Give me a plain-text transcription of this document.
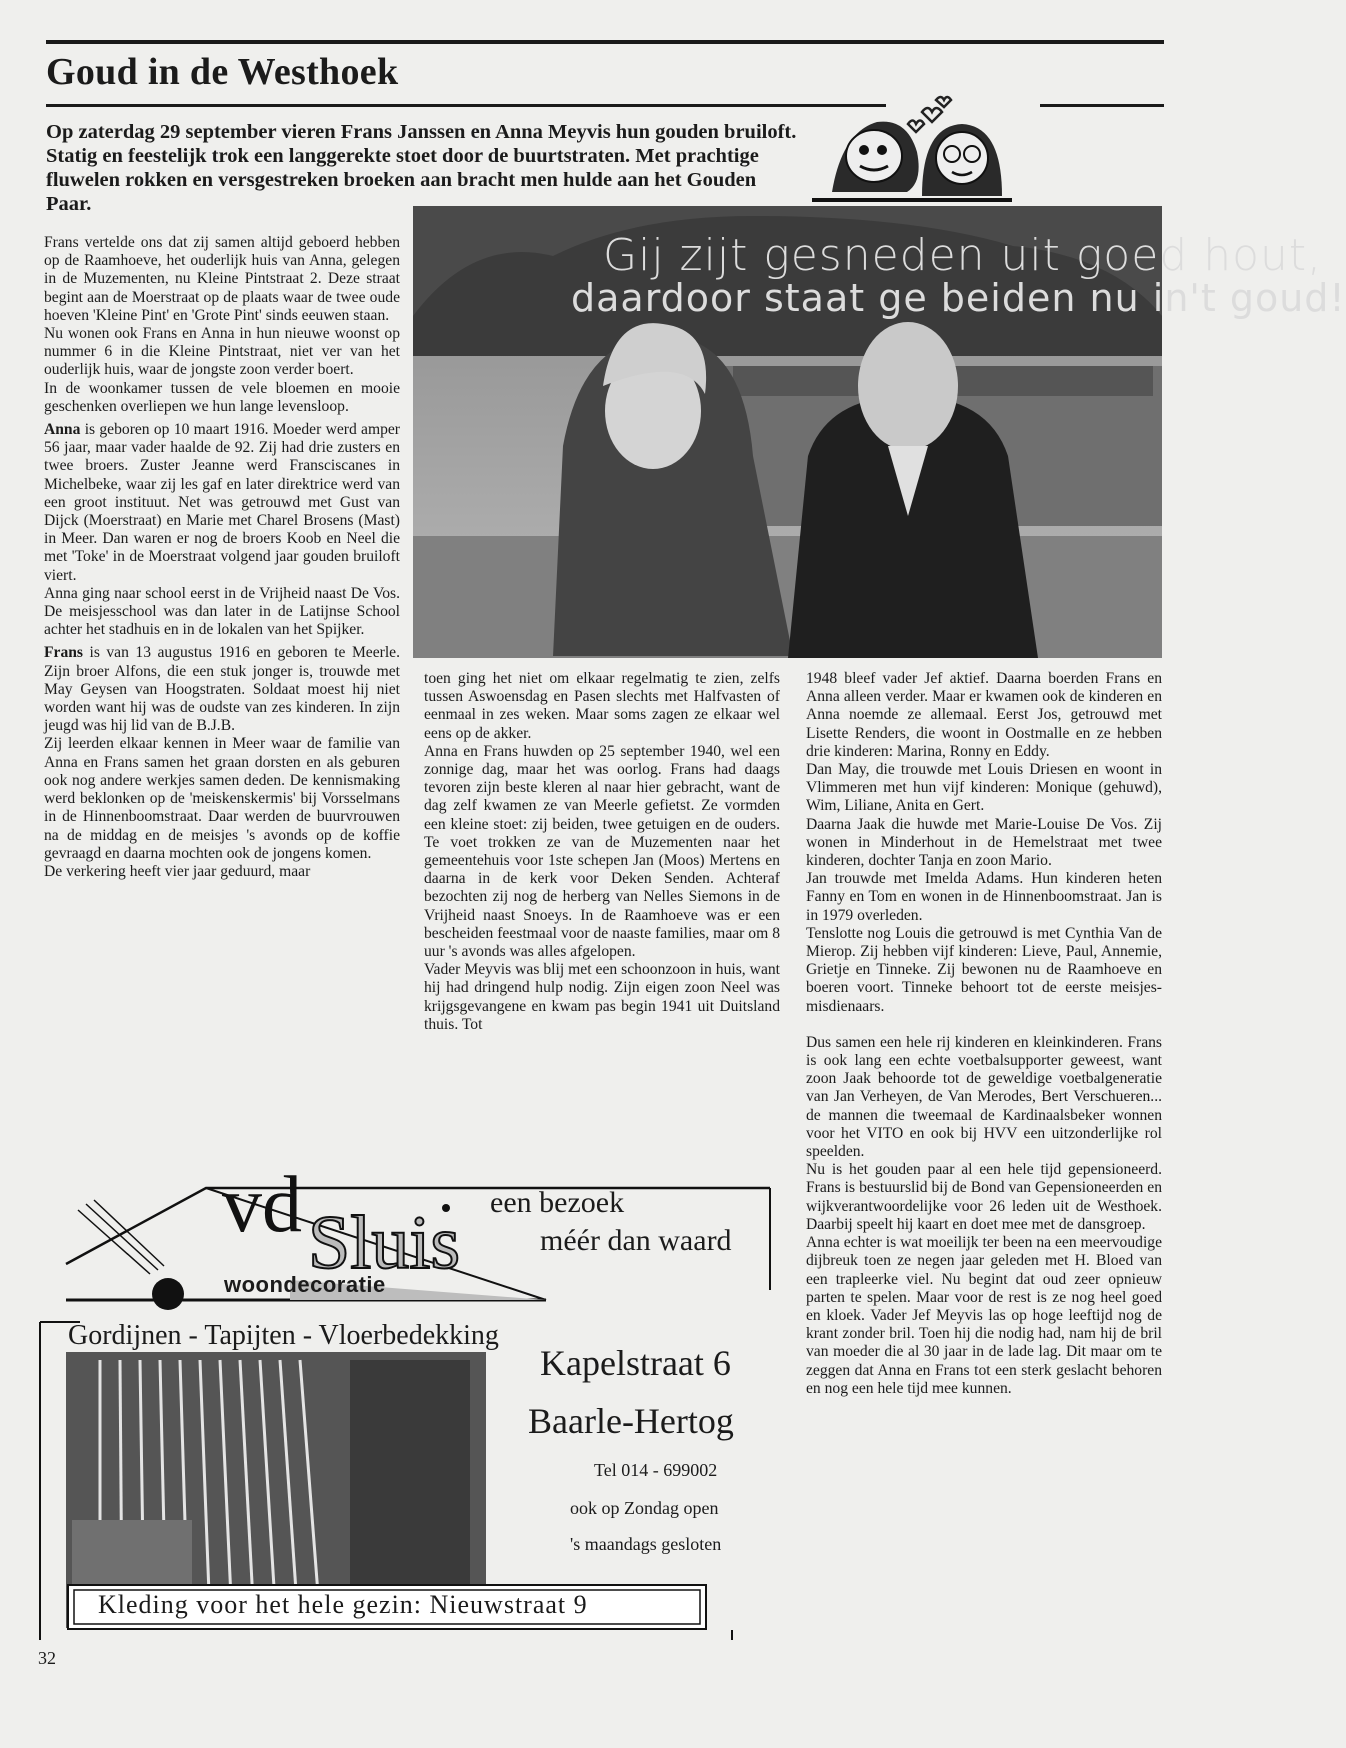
Goud in de Westhoek
Op zaterdag 29 september vieren Frans Janssen en Anna Meyvis hun gouden bruiloft. Statig en feestelijk trok een langgerekte stoet door de buurtstraten. Met prachtige fluwelen rokken en versgestreken broeken aan bracht men hulde aan het Gouden Paar.

Frans vertelde ons dat zij samen altijd geboerd hebben op de Raamhoeve, het ouderlijk huis van Anna, gelegen in de Muzementen, nu Kleine Pintstraat 2. Deze straat begint aan de Moerstraat op de plaats waar de twee oude hoeven 'Kleine Pint' en 'Grote Pint' sinds eeuwen staan.

Nu wonen ook Frans en Anna in hun nieuwe woonst op nummer 6 in die Kleine Pintstraat, niet ver van het ouderlijk huis, waar de jongste zoon verder boert.

In de woonkamer tussen de vele bloemen en mooie geschenken overliepen we hun lange levensloop.

Anna is geboren op 10 maart 1916. Moeder werd amper 56 jaar, maar vader haalde de 92. Zij had drie zusters en twee broers. Zuster Jeanne werd Fransciscanes in Michelbeke, waar zij les gaf en later direktrice werd van een groot instituut. Net was getrouwd met Gust van Dijck (Moerstraat) en Marie met Charel Brosens (Mast) in Meer. Dan waren er nog de broers Koob en Neel die met 'Toke' in de Moerstraat volgend jaar gouden bruiloft viert.

Anna ging naar school eerst in de Vrijheid naast De Vos. De meisjesschool was dan later in de Latijnse School achter het stadhuis en in de lokalen van het Spijker.

Frans is van 13 augustus 1916 en geboren te Meerle. Zijn broer Alfons, die een stuk jonger is, trouwde met May Geysen van Hoogstraten. Soldaat moest hij niet worden want hij was de oudste van zes kinderen. In zijn jeugd was hij lid van de B.J.B.

Zij leerden elkaar kennen in Meer waar de familie van Anna en Frans samen het graan dorsten en als geburen ook nog andere werkjes samen deden. De kennismaking werd beklonken op de 'meiskenskermis' bij Vorsselmans in de Hinnenboomstraat. Daar werden de buurvrouwen na de middag en de meisjes 's avonds op de koffie gevraagd en daarna mochten ook de jongens komen.

De verkering heeft vier jaar geduurd, maar

Gij zijt gesneden uit goed hout,
daardoor staat ge beiden nu in't goud!

toen ging het niet om elkaar regelmatig te zien, zelfs tussen Aswoensdag en Pasen slechts met Halfvasten of eenmaal in zes weken. Maar soms zagen ze elkaar wel eens op de akker.

Anna en Frans huwden op 25 september 1940, wel een zonnige dag, maar het was oorlog. Frans had daags tevoren zijn beste kleren al naar hier gebracht, want de dag zelf kwamen ze van Meerle gefietst. Ze vormden een kleine stoet: zij beiden, twee getuigen en de ouders. Te voet trokken ze van de Muzementen naar het gemeentehuis voor 1ste schepen Jan (Moos) Mertens en daarna in de kerk voor Deken Senden. Achteraf bezochten zij nog de herberg van Nelles Siemons in de Vrijheid naast Snoeys. In de Raamhoeve was er een bescheiden feestmaal voor de naaste families, maar om 8 uur 's avonds was alles afgelopen.

Vader Meyvis was blij met een schoonzoon in huis, want hij had dringend hulp nodig. Zijn eigen zoon Neel was krijgsgevangene en kwam pas begin 1941 uit Duitsland thuis. Tot

1948 bleef vader Jef aktief. Daarna boerden Frans en Anna alleen verder. Maar er kwamen ook de kinderen en Anna noemde ze allemaal. Eerst Jos, getrouwd met Lisette Renders, die woont in Oostmalle en ze hebben drie kinderen: Marina, Ronny en Eddy.

Dan May, die trouwde met Louis Driesen en woont in Vlimmeren met hun vijf kinderen: Monique (gehuwd), Wim, Liliane, Anita en Gert.

Daarna Jaak die huwde met Marie-Louise De Vos. Zij wonen in Minderhout in de Hemelstraat met twee kinderen, dochter Tanja en zoon Mario.

Jan trouwde met Imelda Adams. Hun kinderen heten Fanny en Tom en wonen in de Hinnenboomstraat. Jan is in 1979 overleden.

Tenslotte nog Louis die getrouwd is met Cynthia Van de Mierop. Zij hebben vijf kinderen: Lieve, Paul, Annemie, Grietje en Tinneke. Zij bewonen nu de Raamhoeve en boeren voort. Tinneke behoort tot de eerste meisjes-misdienaars.

Dus samen een hele rij kinderen en kleinkinderen. Frans is ook lang een echte voetbalsupporter geweest, want zoon Jaak behoorde tot de geweldige voetbalgeneratie van Jan Verheyen, de Van Merodes, Bert Verschueren... de mannen die tweemaal de Kardinaalsbeker wonnen voor het VITO en ook bij HVV een uitzonderlijke rol speelden.

Nu is het gouden paar al een hele tijd gepensioneerd. Frans is bestuurslid bij de Bond van Gepensioneerden en wijkverantwoordelijke voor 26 leden uit de Westhoek. Daarbij speelt hij kaart en doet mee met de dansgroep.

Anna echter is wat moeilijk ter been na een meervoudige dijbreuk toen ze negen jaar geleden met H. Bloed van een trapleerke viel. Nu begint dat oud zeer opnieuw parten te spelen. Maar voor de rest is ze nog heel goed en kloek. Vader Jef Meyvis las op hoge leeftijd nog de krant zonder bril. Toen hij die nodig had, nam hij de bril van moeder die al 30 jaar in de lade lag. Dit maar om te zeggen dat Anna en Frans tot een sterk geslacht behoren en nog een hele tijd mee kunnen.

vd Sluis
woondecoratie
een bezoek
méér dan waard
Gordijnen - Tapijten - Vloerbedekking
Kapelstraat 6
Baarle-Hertog
Tel 014 - 699002
ook op Zondag open
's maandags gesloten
Kleding voor het hele gezin: Nieuwstraat 9
32
